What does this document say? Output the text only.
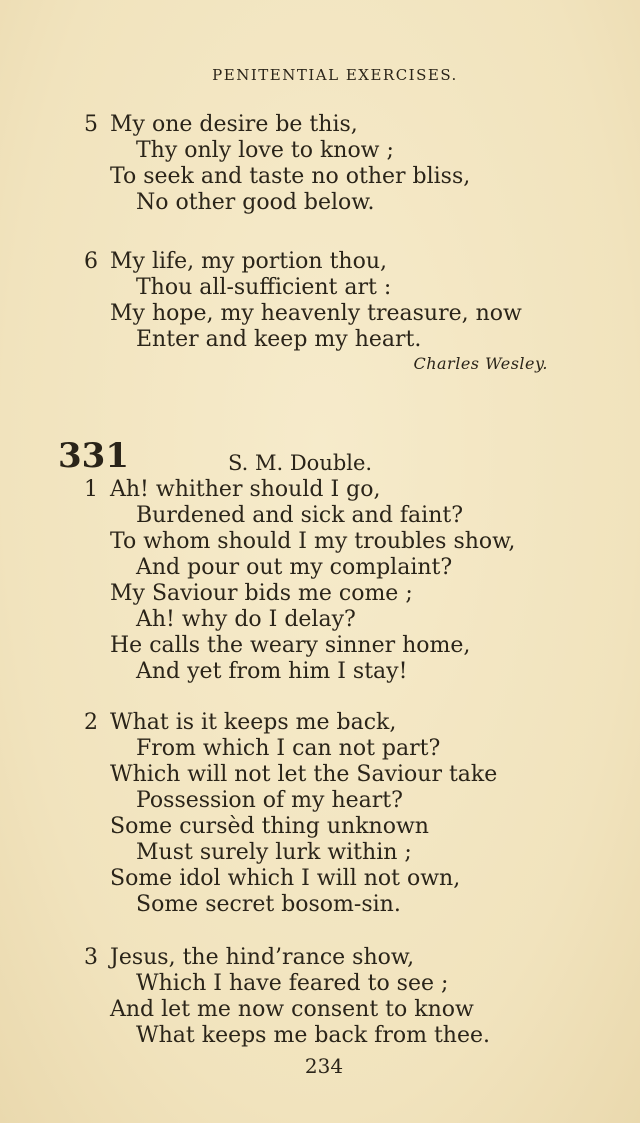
PENITENTIAL EXERCISES.
5 My one desire be this,
Thy only love to know ;
To seek and taste no other bliss,
No other good below.
6 My life, my portion thou,
Thou all-sufficient art :
My hope, my heavenly treasure, now
Enter and keep my heart.
Charles Wesley.
331	S. M. Double.
1 Ah! whither should I go,
Burdened and sick and faint?
To whom should I my troubles show,
And pour out my complaint?
My Saviour bids me come ;
Ah! why do I delay?
He calls the weary sinner home,
And yet from him I stay!
2 What is it keeps me back,
From which I can not part?
Which will not let the Saviour take
Possession of my heart?
Some cursèd thing unknown
Must surely lurk within ;
Some idol which I will not own,
Some secret bosom-sin.
3 Jesus, the hind’rance show,
Which I have feared to see ;
And let me now consent to know
What keeps me back from thee.
234
